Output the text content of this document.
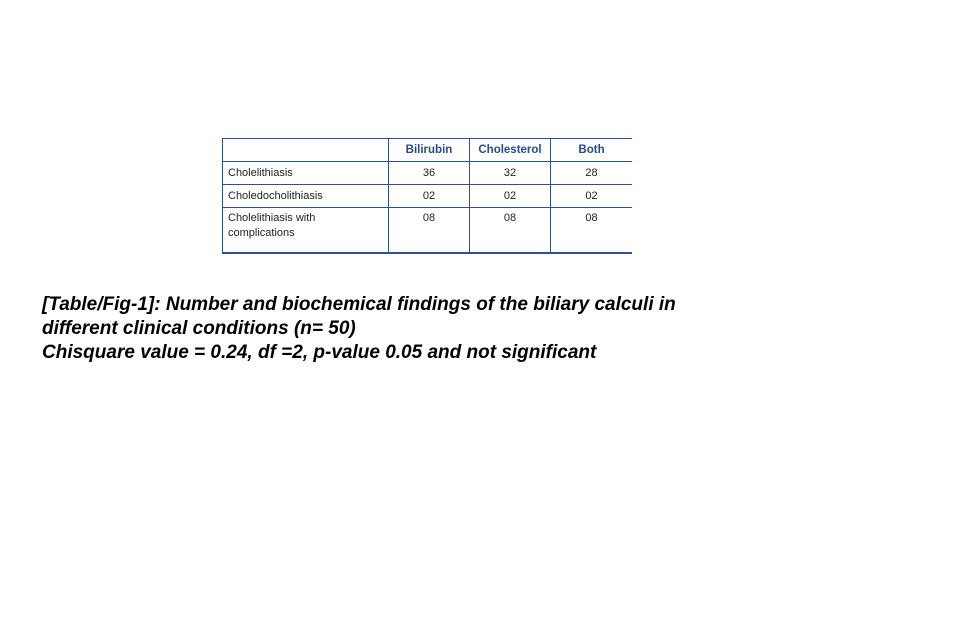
	Bilirubin	Cholesterol	Both
Cholelithiasis	36	32	28
Choledocholithiasis	02	02	02
Cholelithiasis with
complications	08	08	08
[Table/Fig-1]: Number and biochemical findings of the biliary calculi in
different clinical conditions (n= 50)
Chisquare value = 0.24, df =2, p-value 0.05 and not significant
